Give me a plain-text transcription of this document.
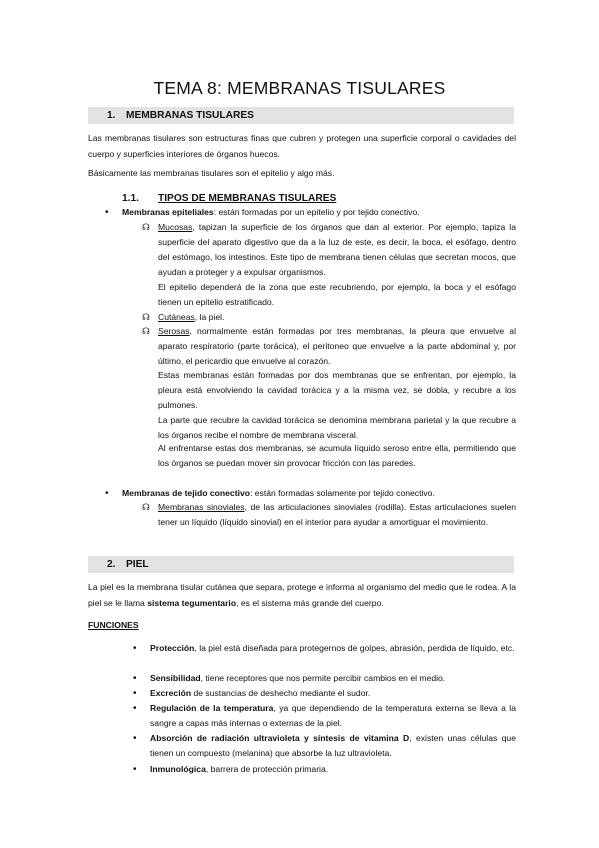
TEMA 8: MEMBRANAS TISULARES
1. MEMBRANAS TISULARES
Las membranas tisulares son estructuras finas que cubren y protegen una superficie corporal o cavidades del cuerpo y superficies interiores de órganos huecos.
Básicamente las membranas tisulares son el epitelio y algo más.
1.1. TIPOS DE MEMBRANAS TISULARES
• Membranas epiteliales: están formadas por un epitelio y por tejido conectivo.
☊ Mucosas, tapizan la superficie de los órganos que dan al exterior. Por ejemplo, tapiza la superficie del aparato digestivo que da a la luz de este, es decir, la boca, el esófago, dentro del estómago, los intestinos. Este tipo de membrana tienen células que secretan mocos, que ayudan a proteger y a expulsar organismos.
El epitelio dependerá de la zona que este recubriendo, por ejemplo, la boca y el esófago tienen un epitelio estratificado.
☊ Cutáneas, la piel.
☊ Serosas, normalmente están formadas por tres membranas, la pleura que envuelve al aparato respiratorio (parte torácica), el peritoneo que envuelve a la parte abdominal y, por último, el pericardio que envuelve al corazón.
Estas membranas están formadas por dos membranas que se enfrentan, por ejemplo, la pleura está envolviendo la cavidad torácica y a la misma vez, se dobla, y recubre a los pulmones.
La parte que recubre la cavidad torácica se denomina membrana parietal y la que recubre a los órganos recibe el nombre de membrana visceral.
Al enfrentarse estas dos membranas, se acumula líquido seroso entre ella, permitiendo que los órganos se puedan mover sin provocar fricción con las paredes.
• Membranas de tejido conectivo: están formadas solamente por tejido conectivo.
☊ Membranas sinoviales, de las articulaciones sinoviales (rodilla). Estas articulaciones suelen tener un líquido (líquido sinovial) en el interior para ayudar a amortiguar el movimiento.
2. PIEL
La piel es la membrana tisular cutánea que separa, protege e informa al organismo del medio que le rodea. A la piel se le llama sistema tegumentario, es el sistema más grande del cuerpo.
FUNCIONES
• Protección, la piel está diseñada para protegernos de golpes, abrasión, perdida de líquido, etc.
• Sensibilidad, tiene receptores que nos permite percibir cambios en el medio.
• Excreción de sustancias de deshecho mediante el sudor.
• Regulación de la temperatura, ya que dependiendo de la temperatura externa se lleva a la sangre a capas más internas o externas de la piel.
• Absorción de radiación ultravioleta y síntesis de vitamina D, existen unas células que tienen un compuesto (melanina) que absorbe la luz ultravioleta.
• Inmunológica, barrera de protección primaria.
